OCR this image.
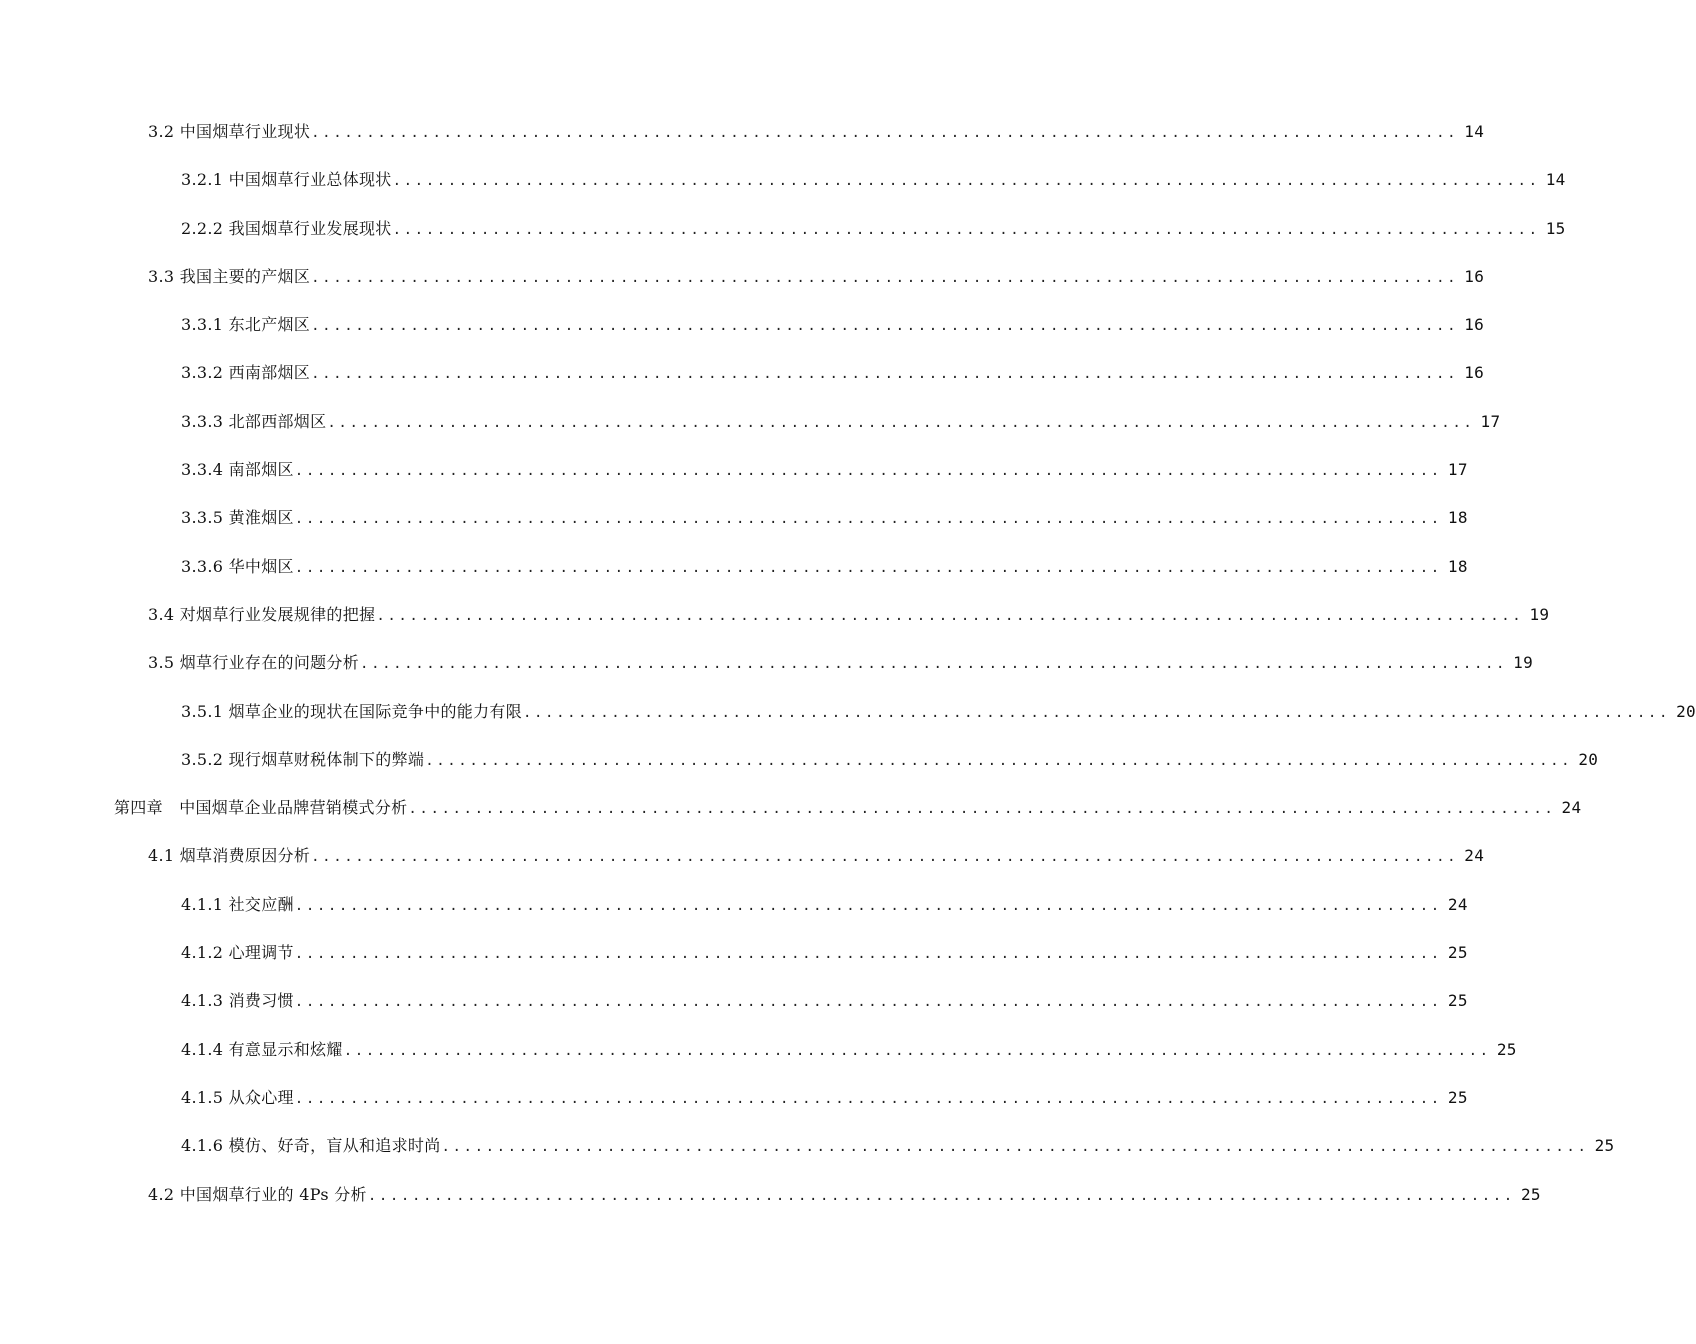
3.2 中国烟草行业现状 ........................................................................................................ 14
3.2.1 中国烟草行业总体现状 ........................................................................................................ 14
2.2.2 我国烟草行业发展现状 ........................................................................................................ 15
3.3 我国主要的产烟区 ........................................................................................................ 16
3.3.1 东北产烟区 ........................................................................................................ 16
3.3.2 西南部烟区 ........................................................................................................ 16
3.3.3 北部西部烟区 ........................................................................................................ 17
3.3.4 南部烟区 ........................................................................................................ 17
3.3.5 黄淮烟区 ........................................................................................................ 18
3.3.6 华中烟区 ........................................................................................................ 18
3.4 对烟草行业发展规律的把握 ........................................................................................................ 19
3.5 烟草行业存在的问题分析 ........................................................................................................ 19
3.5.1 烟草企业的现状在国际竞争中的能力有限 ........................................................................................................ 20
3.5.2 现行烟草财税体制下的弊端 ........................................................................................................ 20
第四章　中国烟草企业品牌营销模式分析 ........................................................................................................ 24
4.1 烟草消费原因分析 ........................................................................................................ 24
4.1.1 社交应酬 ........................................................................................................ 24
4.1.2 心理调节 ........................................................................................................ 25
4.1.3 消费习惯 ........................................................................................................ 25
4.1.4 有意显示和炫耀 ........................................................................................................ 25
4.1.5 从众心理 ........................................................................................................ 25
4.1.6 模仿、好奇，盲从和追求时尚 ........................................................................................................ 25
4.2 中国烟草行业的 4Ps 分析 ........................................................................................................ 25
